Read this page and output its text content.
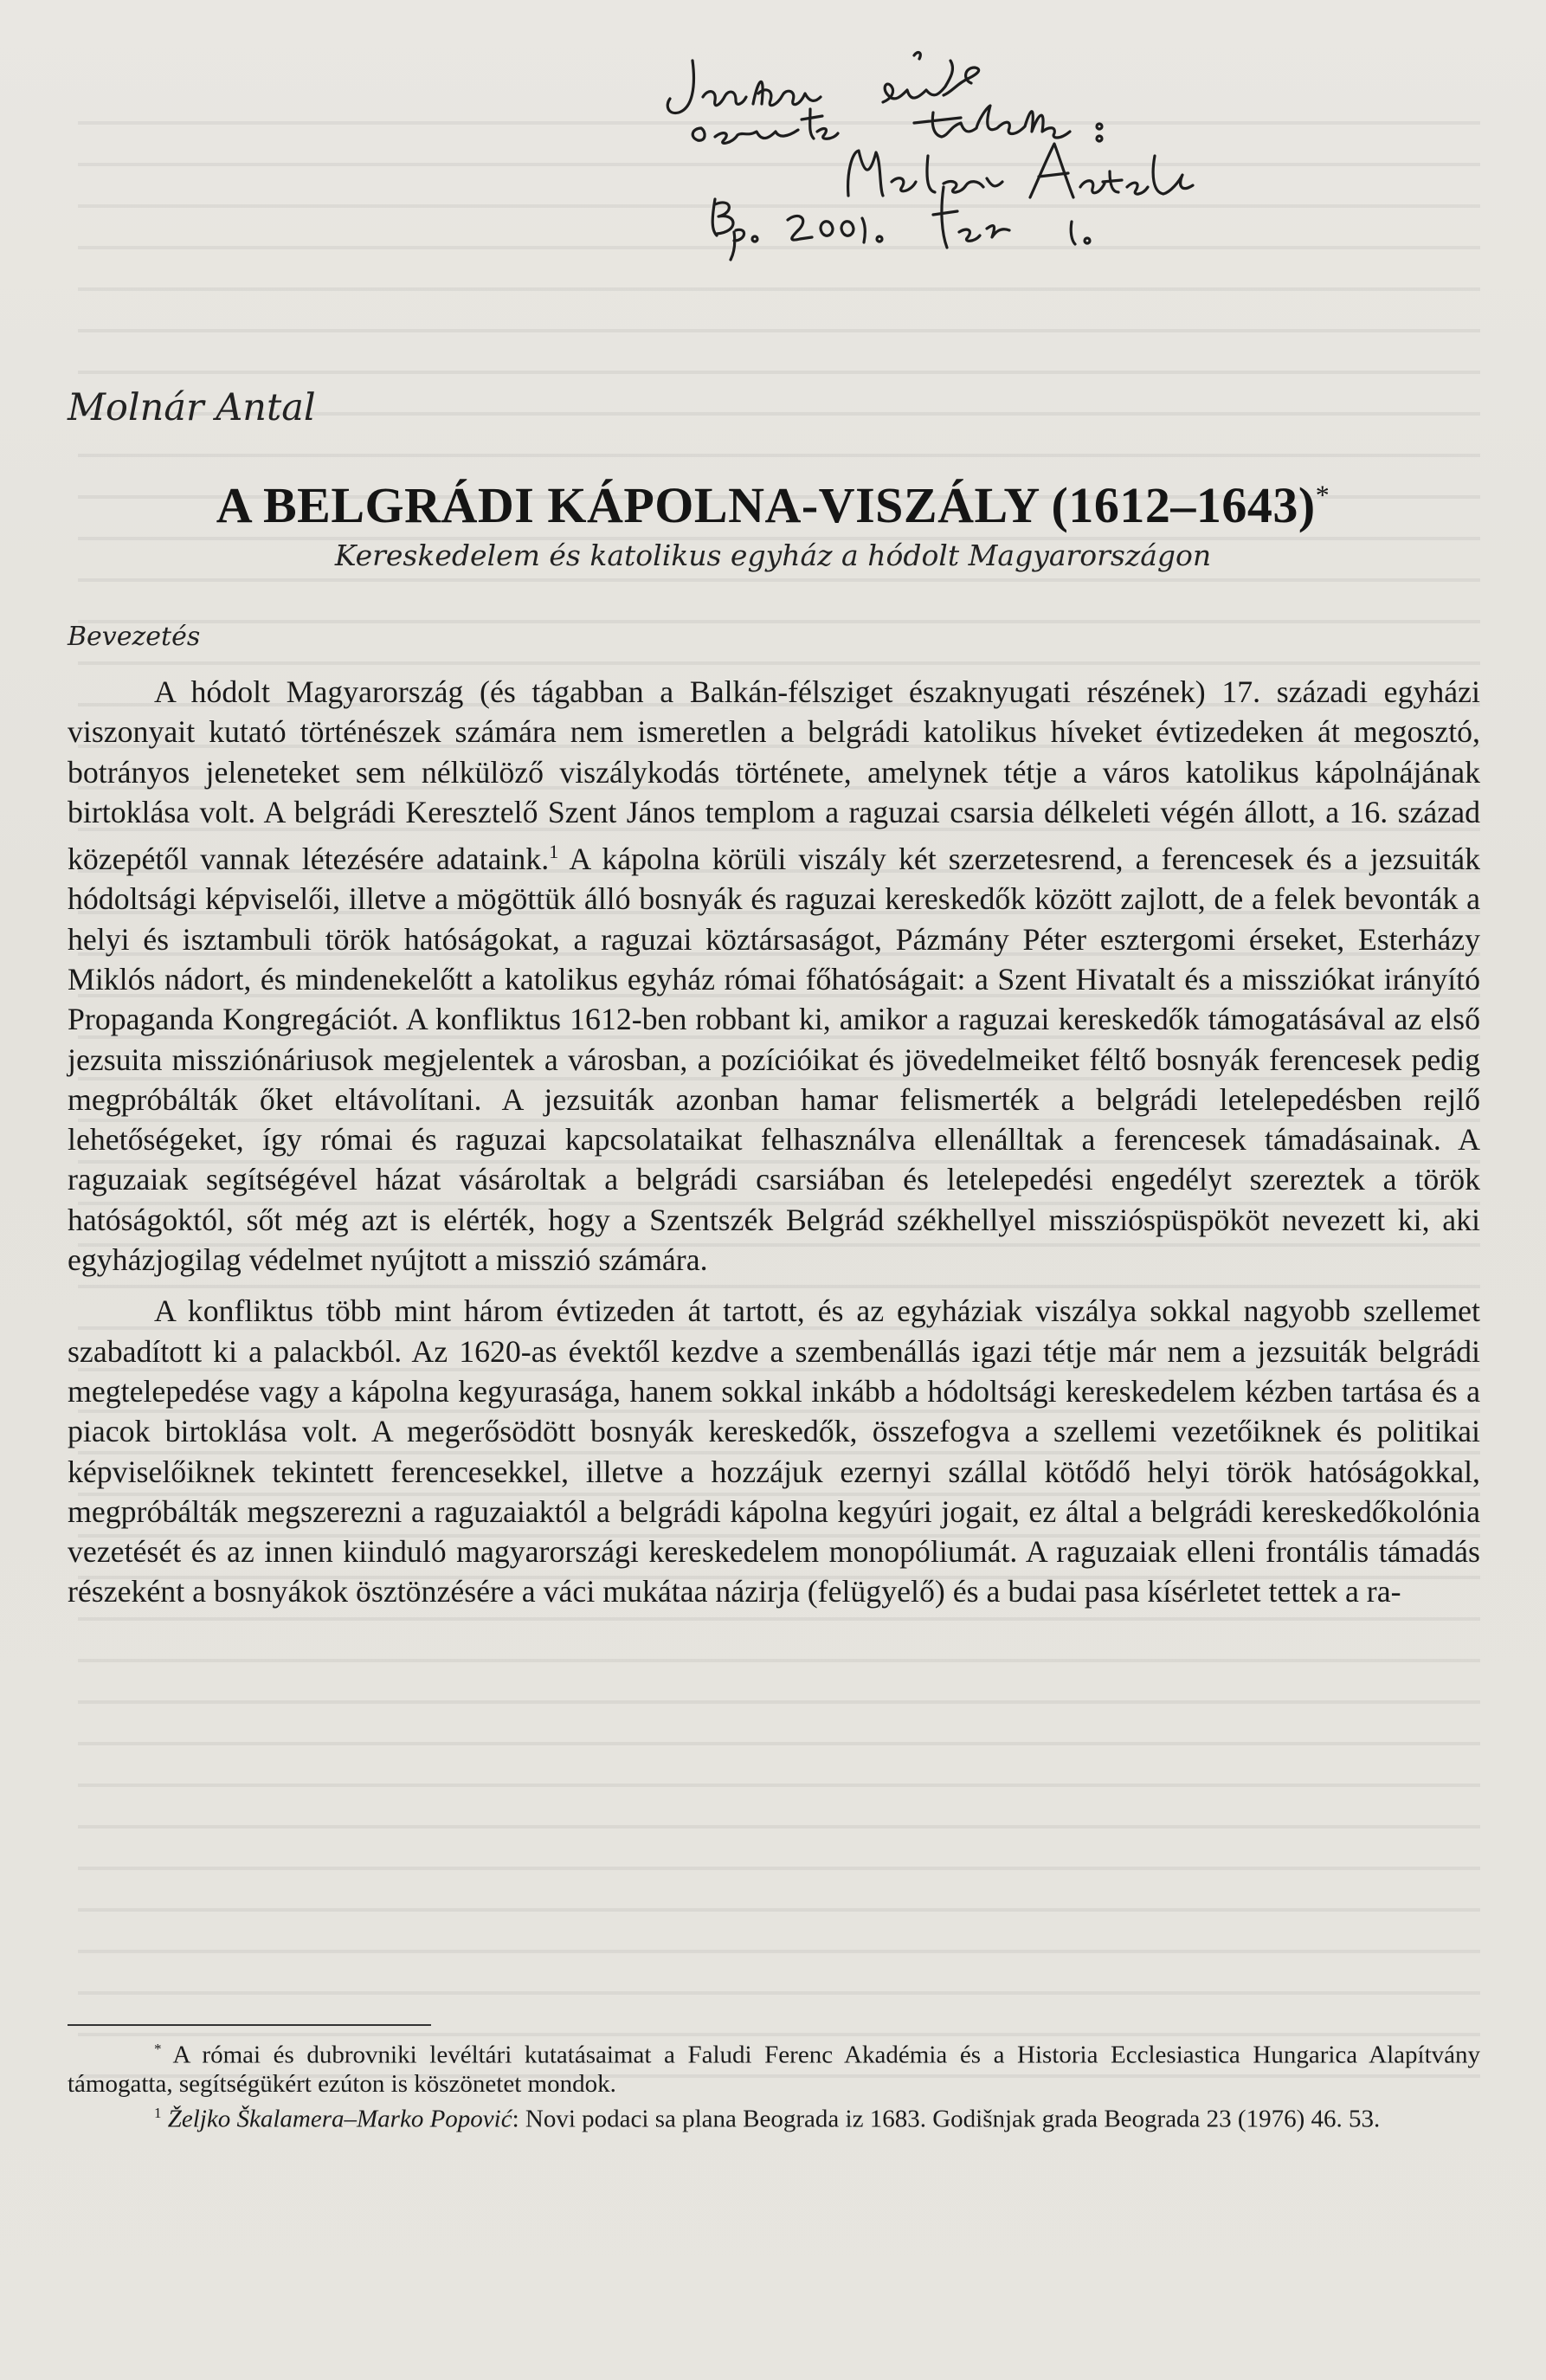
Molnár Antal
A BELGRÁDI KÁPOLNA-VISZÁLY (1612–1643)*
Kereskedelem és katolikus egyház a hódolt Magyarországon
Bevezetés

A hódolt Magyarország (és tágabban a Balkán-félsziget északnyugati részének) 17. századi egyházi viszonyait kutató történészek számára nem ismeretlen a belgrádi katolikus híveket évtizedeken át megosztó, botrányos jeleneteket sem nélkülöző viszálykodás története, amelynek tétje a város katolikus kápolnájának birtoklása volt. A belgrádi Keresztelő Szent János templom a raguzai csarsia délkeleti végén állott, a 16. század közepétől vannak létezésére adataink.$^1$ A kápolna körüli viszály két szerzetesrend, a ferencesek és a jezsuiták hódoltsági képviselői, illetve a mögöttük álló bosnyák és raguzai kereskedők között zajlott, de a felek bevonták a helyi és isztambuli török hatóságokat, a raguzai köztársaságot, Pázmány Péter esztergomi érseket, Esterházy Miklós nádort, és mindenekelőtt a katolikus egyház római főhatóságait: a Szent Hivatalt és a missziókat irányító Propaganda Kongregációt. A konfliktus 1612-ben robbant ki, amikor a raguzai kereskedők támogatásával az első jezsuita missziónáriusok megjelentek a városban, a pozícióikat és jövedelmeiket féltő bosnyák ferencesek pedig megpróbálták őket eltávolítani. A jezsuiták azonban hamar felismerték a belgrádi letelepedésben rejlő lehetőségeket, így római és raguzai kapcsolataikat felhasználva ellenálltak a ferencesek támadásainak. A raguzaiak segítségével házat vásároltak a belgrádi csarsiában és letelepedési engedélyt szereztek a török hatóságoktól, sőt még azt is elérték, hogy a Szentszék Belgrád székhellyel misszióspüspököt nevezett ki, aki egyházjogilag védelmet nyújtott a misszió számára.

A konfliktus több mint három évtizeden át tartott, és az egyháziak viszálya sokkal nagyobb szellemet szabadított ki a palackból. Az 1620-as évektől kezdve a szembenállás igazi tétje már nem a jezsuiták belgrádi megtelepedése vagy a kápolna kegyurasága, hanem sokkal inkább a hódoltsági kereskedelem kézben tartása és a piacok birtoklása volt. A megerősödött bosnyák kereskedők, összefogva a szellemi vezetőiknek és politikai képviselőiknek tekintett ferencesekkel, illetve a hozzájuk ezernyi szállal kötődő helyi török hatóságokkal, megpróbálták megszerezni a raguzaiaktól a belgrádi kápolna kegyúri jogait, ez által a belgrádi kereskedőkolónia vezetését és az innen kiinduló magyarországi kereskedelem monopóliumát. A raguzaiak elleni frontális támadás részeként a bosnyákok ösztönzésére a váci mukátaa názirja (felügyelő) és a budai pasa kísérletet tettek a ra-

* A római és dubrovniki levéltári kutatásaimat a Faludi Ferenc Akadémia és a Historia Ecclesiastica Hungarica Alapítvány támogatta, segítségükért ezúton is köszönetet mondok.

$^1$ Željko Škalamera–Marko Popović: Novi podaci sa plana Beograda iz 1683. Godišnjak grada Beograda 23 (1976) 46. 53.
